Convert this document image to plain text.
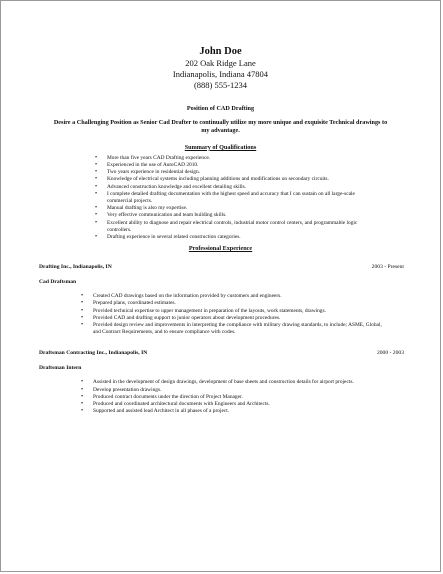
John Doe
202 Oak Ridge Lane
Indianapolis, Indiana 47804
(888) 555-1234
Position of CAD Drafting
Desire a Challenging Position as Senior Cad Drafter to continually utilize my more unique and exquisite Technical drawings to my advantage.
Summary of Qualifications
• More than five years CAD Drafting experience.
• Experienced in the use of AutoCAD 2010.
• Two years experience in residential design.
• Knowledge of electrical systems including planning additions and modifications on secondary circuits.
• Advanced construction knowledge and excellent detailing skills.
• I complete detailed drafting documentation with the highest speed and accuracy that I can sustain on all large-scale commercial projects.
• Manual drafting is also my expertise.
• Very effective communication and team building skills.
• Excellent ability to diagnose and repair electrical controls, industrial motor control centers, and programmable logic controllers.
• Drafting experience in several related construction categories.
Professional Experience
Drafting Inc., Indianapolis, IN	2003 - Present
Cad Draftsman
• Created CAD drawings based on the information provided by customers and engineers.
• Prepared plans, coordinated estimates.
• Provided technical expertise to upper management in preparation of the layouts, work statements, drawings.
• Provided CAD and drafting support to junior operators about development procedures.
• Provided design review and improvements in interpreting the compliance with military drawing standards, to include; ASME, Global, and Contract Requirements, and to ensure compliance with codes.
Draftsman Contracting Inc., Indianapolis, IN	2000 - 2003
Draftsman Intern
• Assisted in the development of design drawings, development of base sheets and construction details for airport projects.
• Develop presentation drawings.
• Produced contract documents under the direction of Project Manager.
• Produced and coordinated architectural documents with Engineers and Architects.
• Supported and assisted lead Architect in all phases of a project.
